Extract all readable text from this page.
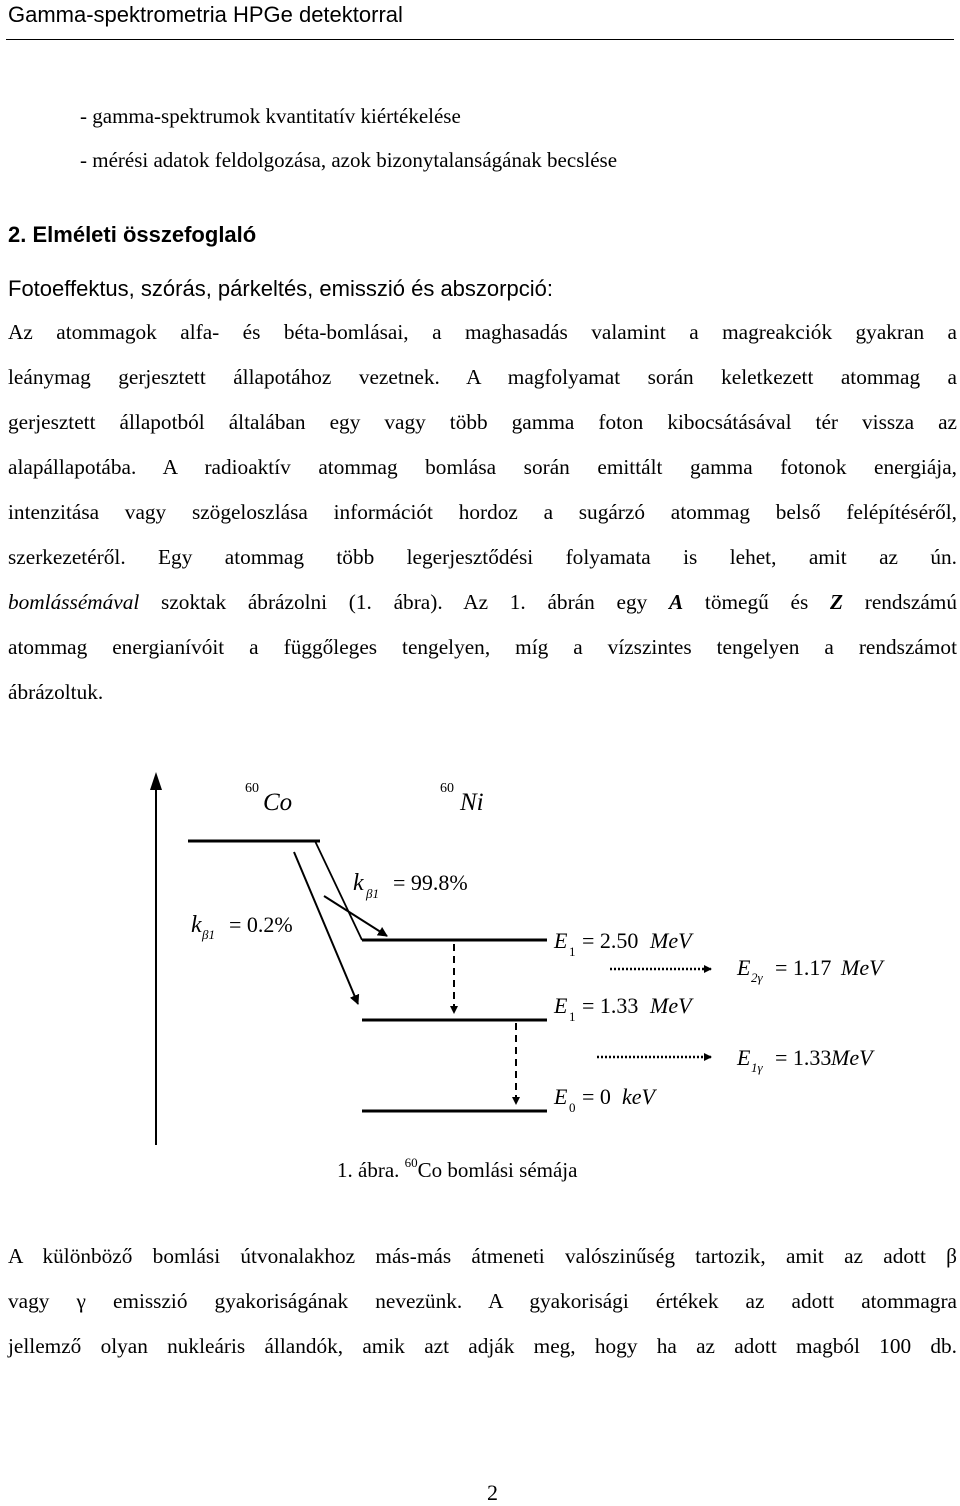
Gamma-spektrometria HPGe detektorral
- gamma-spektrumok kvantitatív kiértékelése
- mérési adatok feldolgozása, azok bizonytalanságának becslése
2. Elméleti összefoglaló
Fotoeffektus, szórás, párkeltés, emisszió és abszorpció:
Az atommagok alfa- és béta-bomlásai, a maghasadás valamint a magreakciók gyakran a
leánymag gerjesztett állapotához vezetnek. A magfolyamat során keletkezett atommag a
gerjesztett állapotból általában egy vagy több gamma foton kibocsátásával tér vissza az
alapállapotába. A radioaktív atommag bomlása során emittált gamma fotonok energiája,
intenzitása vagy szögeloszlása információt hordoz a sugárzó atommag belső felépítéséről,
szerkezetéről. Egy atommag több legerjesztődési folyamata is lehet, amit az ún.
bomlássémával szoktak ábrázolni (1. ábra). Az 1. ábrán egy A tömegű és Z rendszámú
atommag energianívóit a függőleges tengelyen, míg a vízszintes tengelyen a rendszámot
ábrázoltuk.
60
Co
60
Ni
k β1 = 0.2%
k β1 = 99.8%
E 1 = 2.50 MeV
E 1 = 1.33 MeV
E 0 = 0 keV
E 2γ = 1.17 MeV
E 1γ = 1.33 MeV
1. ábra. $^{60}$Co bomlási sémája
A különböző bomlási útvonalakhoz más-más átmeneti valószinűség tartozik, amit az adott β
vagy γ emisszió gyakoriságának nevezünk. A gyakorisági értékek az adott atommagra
jellemző olyan nukleáris állandók, amik azt adják meg, hogy ha az adott magból 100 db.
2
